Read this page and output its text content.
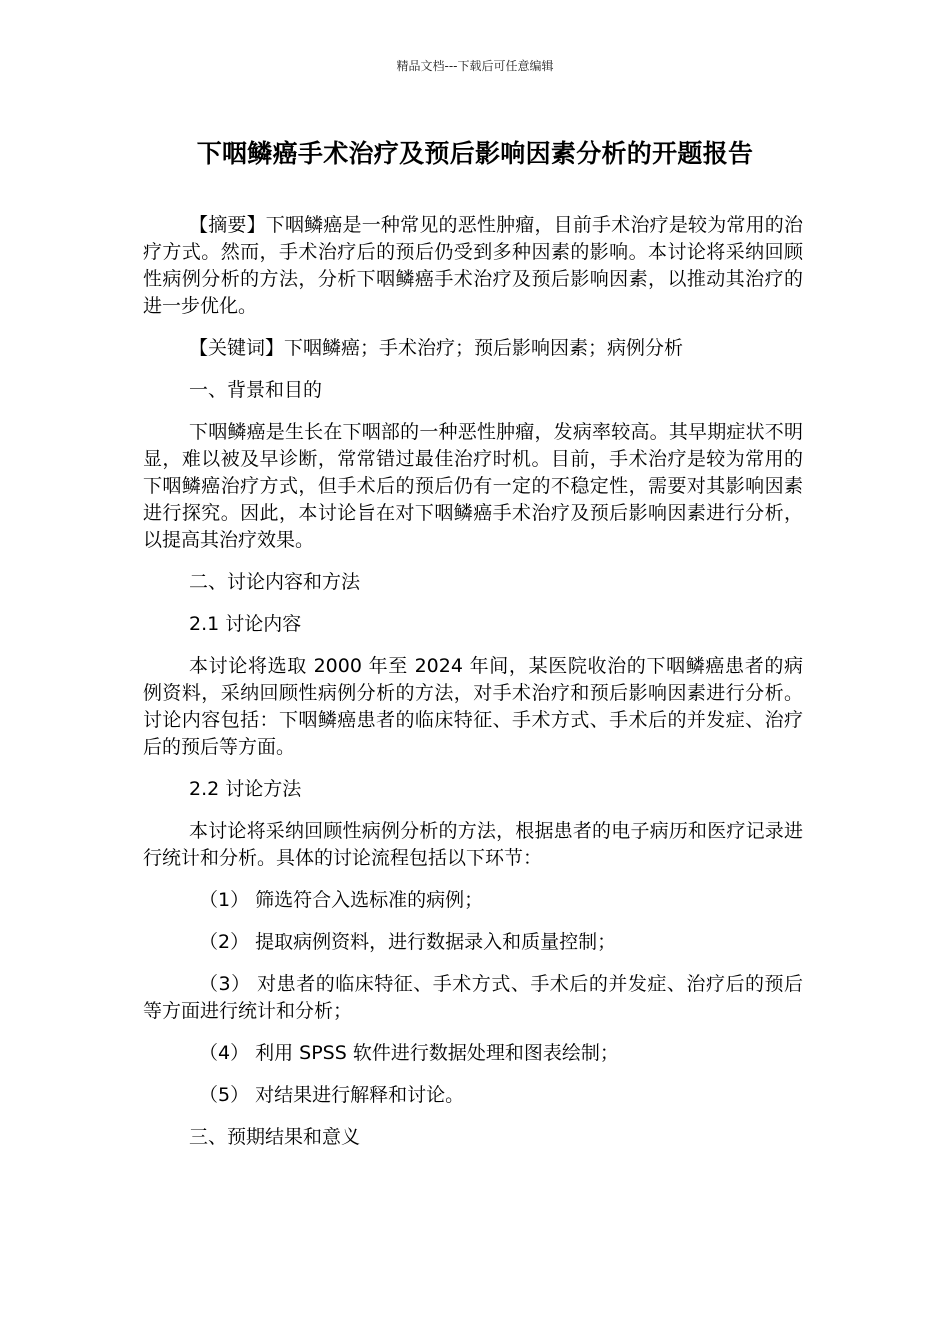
精品文档---下载后可任意编辑
下咽鳞癌手术治疗及预后影响因素分析的开题报告

【摘要】下咽鳞癌是一种常见的恶性肿瘤，目前手术治疗是较为常用的治疗方式。然而，手术治疗后的预后仍受到多种因素的影响。本讨论将采纳回顾性病例分析的方法，分析下咽鳞癌手术治疗及预后影响因素，以推动其治疗的进一步优化。

【关键词】下咽鳞癌；手术治疗；预后影响因素；病例分析

一、背景和目的

下咽鳞癌是生长在下咽部的一种恶性肿瘤，发病率较高。其早期症状不明显，难以被及早诊断，常常错过最佳治疗时机。目前，手术治疗是较为常用的下咽鳞癌治疗方式，但手术后的预后仍有一定的不稳定性，需要对其影响因素进行探究。因此，本讨论旨在对下咽鳞癌手术治疗及预后影响因素进行分析，以提高其治疗效果。

二、讨论内容和方法

2.1 讨论内容

本讨论将选取 2000 年至 2024 年间，某医院收治的下咽鳞癌患者的病例资料，采纳回顾性病例分析的方法，对手术治疗和预后影响因素进行分析。讨论内容包括：下咽鳞癌患者的临床特征、手术方式、手术后的并发症、治疗后的预后等方面。

2.2 讨论方法

本讨论将采纳回顾性病例分析的方法，根据患者的电子病历和医疗记录进行统计和分析。具体的讨论流程包括以下环节：

（1） 筛选符合入选标准的病例；

（2） 提取病例资料，进行数据录入和质量控制；

（3） 对患者的临床特征、手术方式、手术后的并发症、治疗后的预后等方面进行统计和分析；

（4） 利用 SPSS 软件进行数据处理和图表绘制；

（5） 对结果进行解释和讨论。

三、预期结果和意义
